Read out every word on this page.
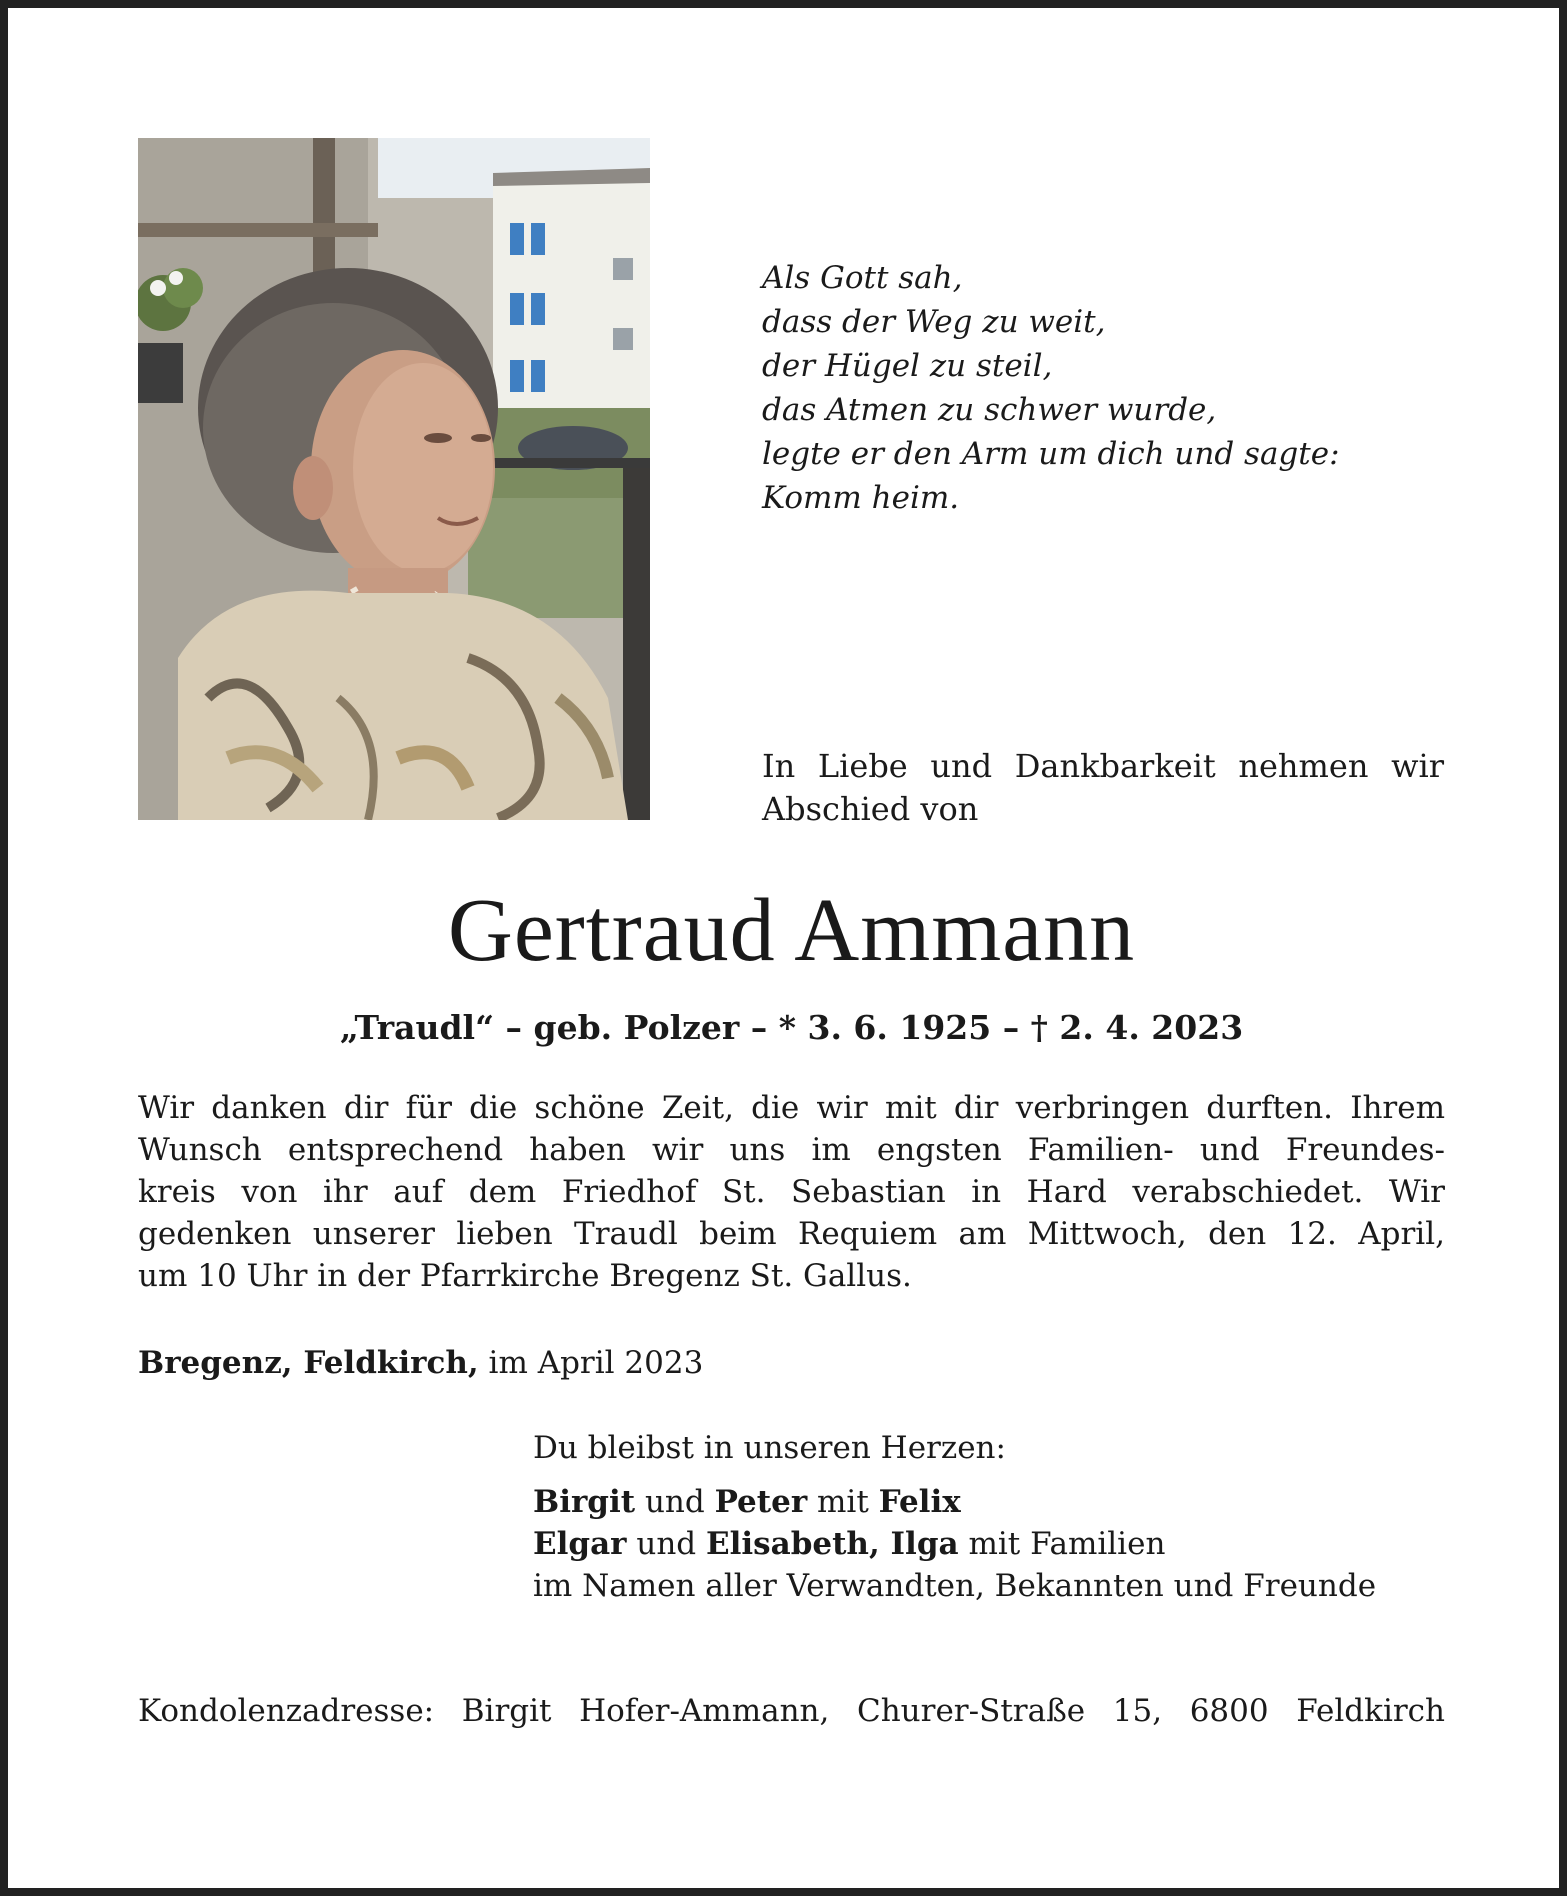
Als Gott sah,
dass der Weg zu weit,
der Hügel zu steil,
das Atmen zu schwer wurde,
legte er den Arm um dich und sagte:
Komm heim.
In Liebe und Dankbarkeit nehmen wir
Abschied von
Gertraud Ammann
„Traudl“ – geb. Polzer – * 3. 6. 1925 – † 2. 4. 2023
Wir danken dir für die schöne Zeit, die wir mit dir verbringen durften. Ihrem
Wunsch entsprechend haben wir uns im engsten Familien- und Freundes-
kreis von ihr auf dem Friedhof St. Sebastian in Hard verabschiedet. Wir
gedenken unserer lieben Traudl beim Requiem am Mittwoch, den 12. April,
um 10 Uhr in der Pfarrkirche Bregenz St. Gallus.
Bregenz, Feldkirch, im April 2023
Du bleibst in unseren Herzen:
Birgit und Peter mit Felix
Elgar und Elisabeth, Ilga mit Familien
im Namen aller Verwandten, Bekannten und Freunde
Kondolenzadresse: Birgit Hofer-Ammann, Churer-Straße 15, 6800 Feldkirch
